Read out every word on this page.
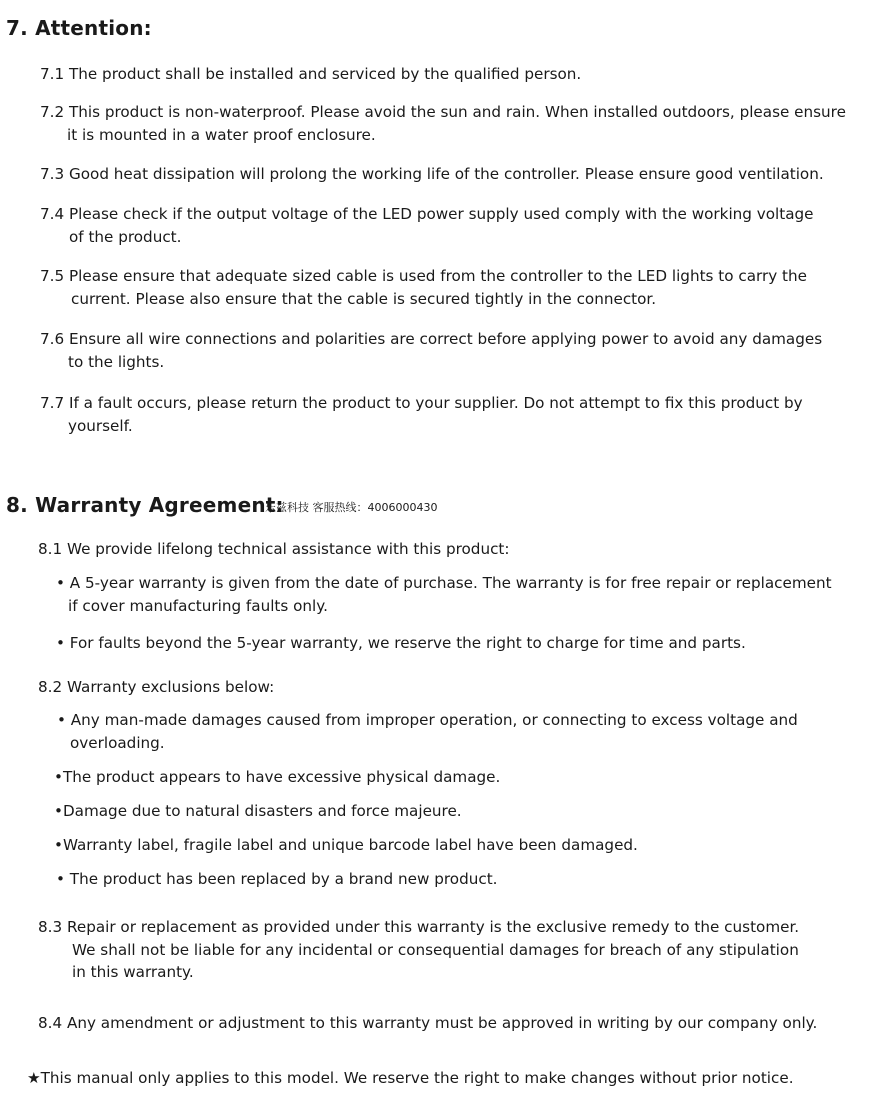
7. Attention:
7.1 The product shall be installed and serviced by the qualified person.
7.2 This product is non-waterproof. Please avoid the sun and rain. When installed outdoors, please ensure
it is mounted in a water proof enclosure.
7.3 Good heat dissipation will prolong the working life of the controller. Please ensure good ventilation.
7.4 Please check if the output voltage of the LED power supply used comply with the working voltage
of the product.
7.5 Please ensure that adequate sized cable is used from the controller to the LED lights to carry the
current. Please also ensure that the cable is secured tightly in the connector.
7.6 Ensure all wire connections and polarities are correct before applying power to avoid any damages
to the lights.
7.7 If a fault occurs, please return the product to your supplier. Do not attempt to fix this product by
yourself.
8. Warranty Agreement:
乐兹科技 客服热线：4006000430
8.1 We provide lifelong technical assistance with this product:
• A 5-year warranty is given from the date of purchase. The warranty is for free repair or replacement
if cover manufacturing faults only.
• For faults beyond the 5-year warranty, we reserve the right to charge for time and parts.
8.2 Warranty exclusions below:
• Any man-made damages caused from improper operation, or connecting to excess voltage and
overloading.
•The product appears to have excessive physical damage.
•Damage due to natural disasters and force majeure.
•Warranty label, fragile label and unique barcode label have been damaged.
• The product has been replaced by a brand new product.
8.3 Repair or replacement as provided under this warranty is the exclusive remedy to the customer.
We shall not be liable for any incidental or consequential damages for breach of any stipulation
in this warranty.
8.4 Any amendment or adjustment to this warranty must be approved in writing by our company only.
★This manual only applies to this model. We reserve the right to make changes without prior notice.
